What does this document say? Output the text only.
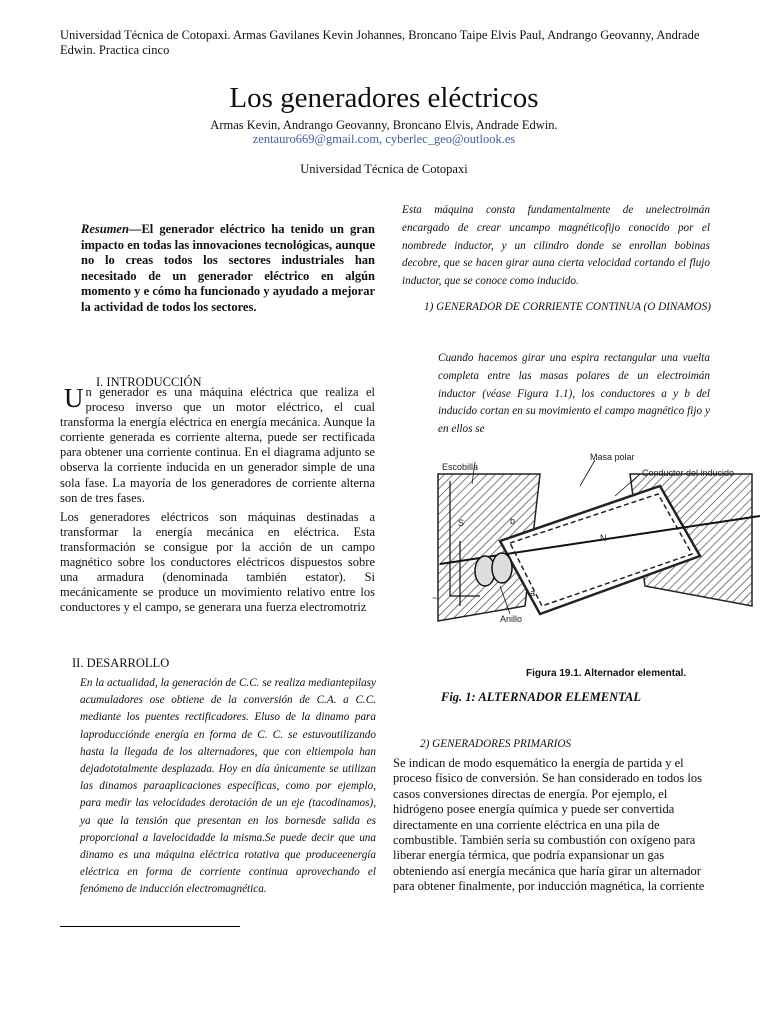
Universidad Técnica de Cotopaxi. Armas Gavilanes Kevin Johannes, Broncano Taipe Elvis Paul, Andrango Geovanny, Andrade Edwin. Practica cinco
Los generadores eléctricos
Armas Kevin, Andrango Geovanny, Broncano Elvis, Andrade Edwin.
zentauro669@gmail.com, cyberlec_geo@outlook.es
Universidad Técnica de Cotopaxi
Resumen—El generador eléctrico ha tenido un gran impacto en todas las innovaciones tecnológicas, aunque no lo creas todos los sectores industriales han necesitado de un generador eléctrico en algún momento y e cómo ha funcionado y ayudado a mejorar la actividad de todos los sectores.
I. INTRODUCCIÓN

Un generador es una máquina eléctrica que realiza el proceso inverso que un motor eléctrico, el cual transforma la energía eléctrica en energía mecánica. Aunque la corriente generada es corriente alterna, puede ser rectificada para obtener una corriente continua. En el diagrama adjunto se observa la corriente inducida en un generador simple de una sola fase. La mayoría de los generadores de corriente alterna son de tres fases.

Los generadores eléctricos son máquinas destinadas a transformar la energía mecánica en eléctrica. Esta transformación se consigue por la acción de un campo magnético sobre los conductores eléctricos dispuestos sobre una armadura (denominada también estator). Si mecánicamente se produce un movimiento relativo entre los conductores y el campo, se generara una fuerza electromotriz

II. DESARROLLO
En la actualidad, la generación de C.C. se realiza mediantepilasy acumuladores ose obtiene de la conversión de C.A. a C.C. mediante los puentes rectificadores. Eluso de la dinamo para laproducciónde energía en forma de C. C. se estuvoutilizando hasta la llegada de los alternadores, que con eltiempola han dejadototalmente desplazada. Hoy en día únicamente se utilizan las dinamos paraaplicaciones específicas, como por ejemplo, para medir las velocidades derotación de un eje (tacodinamos), ya que la tensión que presentan en los bornesde salida es proporcional a lavelocidadde la misma.Se puede decir que una dinamo es una máquina eléctrica rotativa que produceenergía eléctrica en forma de corriente continua aprovechando el fenómeno de inducción electromagnética.
Esta máquina consta fundamentalmente de unelectroimán encargado de crear uncampo magnéticofijo conocido por el nombrede inductor, y un cilindro donde se enrollan bobinas decobre, que se hacen girar auna cierta velocidad cortando el flujo inductor, que se conoce como inducido.
1) GENERADOR DE CORRIENTE CONTINUA (O DINAMOS)
Cuando hacemos girar una espira rectangular una vuelta completa entre las masas polares de un electroimán inductor (véase Figura 1.1), los conductores a y b del inducido cortan en su movimiento el campo magnético fijo y en ellos se
Escobilla
Masa polar
Conductor del inducido
Anillo
S
N
a
b
~
Figura 19.1. Alternador elemental.
Fig. 1: ALTERNADOR ELEMENTAL
2) GENERADORES PRIMARIOS
Se indican de modo esquemático la energía de partida y el proceso físico de conversión. Se han considerado en todos los casos conversiones directas de energía. Por ejemplo, el hidrógeno posee energía química y puede ser convertida directamente en una corriente eléctrica en una pila de combustible. También sería su combustión con oxígeno para liberar energía térmica, que podría expansionar un gas obteniendo así energía mecánica que haría girar un alternador para obtener finalmente, por inducción magnética, la corriente
